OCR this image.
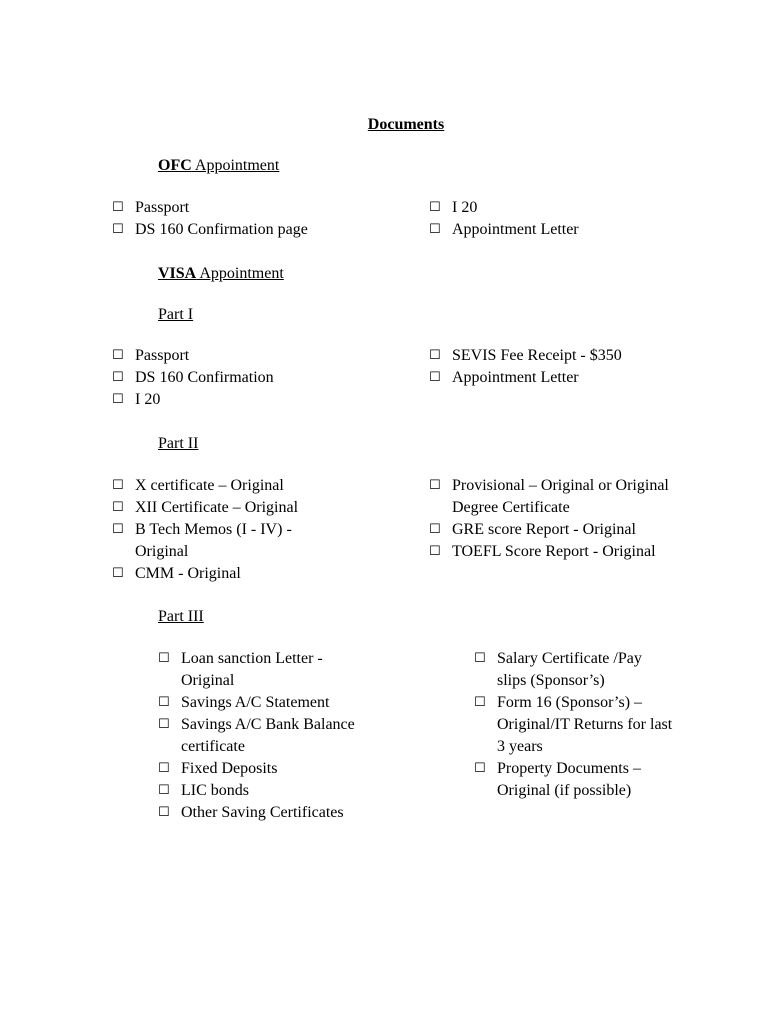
Documents
OFC Appointment
☐ Passport
☐ DS 160 Confirmation page
☐ I 20
☐ Appointment Letter
VISA Appointment
Part I
☐ Passport
☐ DS 160 Confirmation
☐ I 20
☐ SEVIS Fee Receipt - $350
☐ Appointment Letter
Part II
☐ X certificate – Original
☐ XII Certificate – Original
☐ B Tech Memos (I - IV) - Original
☐ CMM - Original
☐ Provisional – Original or Original Degree Certificate
☐ GRE score Report - Original
☐ TOEFL Score Report - Original
Part III
☐ Loan sanction Letter - Original
☐ Savings A/C Statement
☐ Savings A/C Bank Balance certificate
☐ Fixed Deposits
☐ LIC bonds
☐ Other Saving Certificates
☐ Salary Certificate /Pay slips (Sponsor’s)
☐ Form 16 (Sponsor’s) – Original/IT Returns for last 3 years
☐ Property Documents – Original (if possible)
